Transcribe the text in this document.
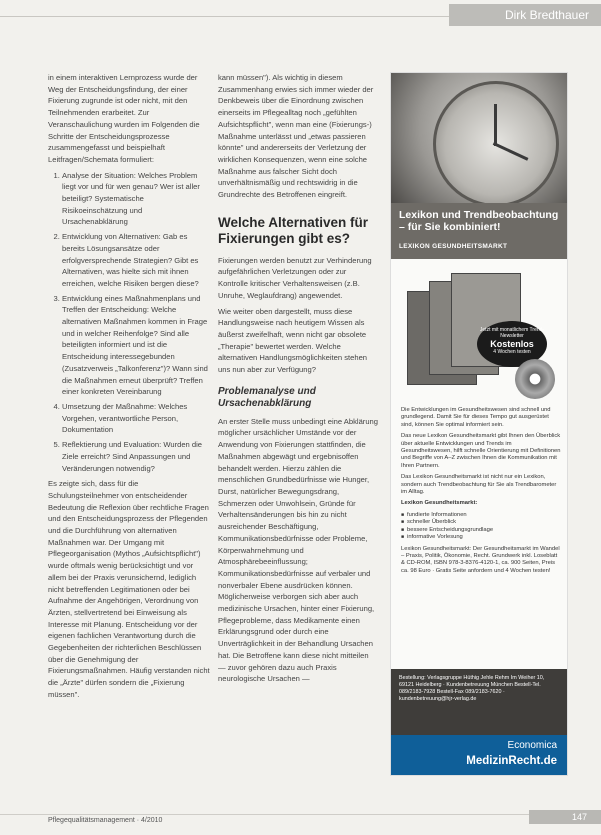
Dirk Bredthauer

in einem interaktiven Lernprozess wurde der Weg der Entscheidungsfindung, der einer Fixierung zugrunde ist oder nicht, mit den Teilnehmenden erarbeitet. Zur Veranschaulichung wurden im Folgenden die Schritte der Entscheidungsprozesse zusammengefasst und beispielhaft Leitfragen/Schemata formuliert:

1. Analyse der Situation: Welches Problem liegt vor und für wen genau? Wer ist aller beteiligt? Systematische Risikoeinschätzung und Ursachenabklärung
2. Entwicklung von Alternativen: Gab es bereits Lösungsansätze oder erfolgversprechende Strategien? Gibt es Alternativen, was hielte sich mit ihnen erreichen, welche Risiken bergen diese?
3. Entwicklung eines Maßnahmenplans und Treffen der Entscheidung: Welche alternativen Maßnahmen kommen in Frage und in welcher Reihenfolge? Sind alle beteiligten informiert und ist die Entscheidung interessegebunden (Zusatzverweis „Talkonferenz")? Wann sind die Maßnahmen erneut überprüft? Treffen einer konkreten Vereinbarung
4. Umsetzung der Maßnahme: Welches Vorgehen, verantwortliche Person, Dokumentation
5. Reflektierung und Evaluation: Wurden die Ziele erreicht? Sind Anpassungen und Veränderungen notwendig?

Es zeigte sich, dass für die Schulungsteilnehmer von entscheidender Bedeutung die Reflexion über rechtliche Fragen und den Entscheidungsprozess der Pflegenden und die Durchführung von alternativen Maßnahmen war. Der Umgang mit Pflegeorganisation (Mythos „Aufsichtspflicht") wurde oftmals wenig berücksichtigt und vor allem bei der Praxis verunsichernd, lediglich nicht betreffenden Legitimationen oder bei Aufnahme der Angehörigen, Verordnung von Ärzten, stellvertretend bei Einweisung als Interesse mit Planung. Entscheidung vor der eigenen fachlichen Verantwortung durch die Gegebenheiten der richterlichen Beschlüssen über die Genehmigung der Fixierungsmaßnahmen. Häufig verstanden nicht die „Ärzte" dürfen sondern die „Fixierung müssen".

kann müssen"). Als wichtig in diesem Zusammenhang erwies sich immer wieder der Denkbeweis über die Einordnung zwischen einerseits im Pflegealltag noch „gefühlten Aufsichtspflicht", wenn man eine (Fixierungs-) Maßnahme unterlässt und „etwas passieren könnte" und andererseits der Verletzung der wirklichen Konsequenzen, wenn eine solche Maßnahme aus falscher Sicht doch unverhältnismäßig und rechtswidrig in die Grundrechte des Betroffenen eingreift.

Welche Alternativen für Fixierungen gibt es?

Fixierungen werden benutzt zur Verhinderung aufgefährlichen Verletzungen oder zur Kontrolle kritischer Verhaltensweisen (z.B. Unruhe, Weglaufdrang) angewendet.

Wie weiter oben dargestellt, muss diese Handlungsweise nach heutigem Wissen als äußerst zweifelhaft, wenn nicht gar obsolete „Therapie" bewertet werden. Welche alternativen Handlungsmöglichkeiten stehen uns nun aber zur Verfügung?

Problemanalyse und Ursachenabklärung

An erster Stelle muss unbedingt eine Abklärung möglicher ursächlicher Umstände vor der Anwendung von Fixierungen stattfinden, die Maßnahmen abgewägt und ergebnisoffen behandelt werden. Hierzu zählen die menschlichen Grundbedürfnisse wie Hunger, Durst, natürlicher Bewegungsdrang, Schmerzen oder Unwohlsein, Gründe für Verhaltensänderungen bis hin zu nicht ausreichender Beschäftigung, Kommunikationsbedürfnisse oder Probleme, Körperwahrnehmung und Atmosphärebeeinflussung; Kommunikationsbedürfnisse auf verbaler und nonverbaler Ebene ausdrücken können. Möglicherweise verborgen sich aber auch medizinische Ursachen, hinter einer Fixierung, Pflegeprobleme, dass Medikamente einen Erklärungsgrund oder durch eine Unverträglichkeit in der Behandlung Ursachen hat. Die Betroffene kann diese nicht mitteilen — zuvor gehören dazu auch Praxis neurologische Ursachen —

Lexikon und Trendbeobachtung – für Sie kombiniert!
LEXIKON GESUNDHEITSMARKT
Jetzt mit monatlichem Trend-Newsletter
Kostenlos
4 Wochen testen

Die Entwicklungen im Gesundheitswesen sind schnell und grundlegend. Damit Sie für dieses Tempo gut ausgerüstet sind, können Sie optimal informiert sein.

Das neue Lexikon Gesundheitsmarkt gibt Ihnen den Überblick über aktuelle Entwicklungen und Trends im Gesundheitswesen, hilft schnelle Orientierung mit Definitionen und Begriffe von A–Z zwischen Ihnen die Kommunikation mit Ihren Partnern.

Das Lexikon Gesundheitsmarkt ist nicht nur ein Lexikon, sondern auch Trendbeobachtung für Sie als Trendbarometer im Alltag.

Lexikon Gesundheitsmarkt:

■ fundierte Informationen
■ schneller Überblick
■ bessere Entscheidungsgrundlage
■ informative Vorlesung

Lexikon Gesundheitsmarkt: Der Gesundheitsmarkt im Wandel – Praxis, Politik, Ökonomie, Recht. Grundwerk inkl. Loseblatt & CD-ROM, ISBN 978-3-8376-4120-1, ca. 900 Seiten, Preis ca. 98 Euro · Gratis Seite anfordern und 4 Wochen testen!

Bestellung: Verlagsgruppe Hüthig Jehle Rehm Im Weiher 10, 69121 Heidelberg · Kundenbetreuung München Bestell-Tel. 089/2183-7928 Bestell-Fax 089/2183-7620 · kundenbetreuung@hjr-verlag.de
Economica
MedizinRecht.de
Pflegequalitätsmanagement · 4/2010	147
